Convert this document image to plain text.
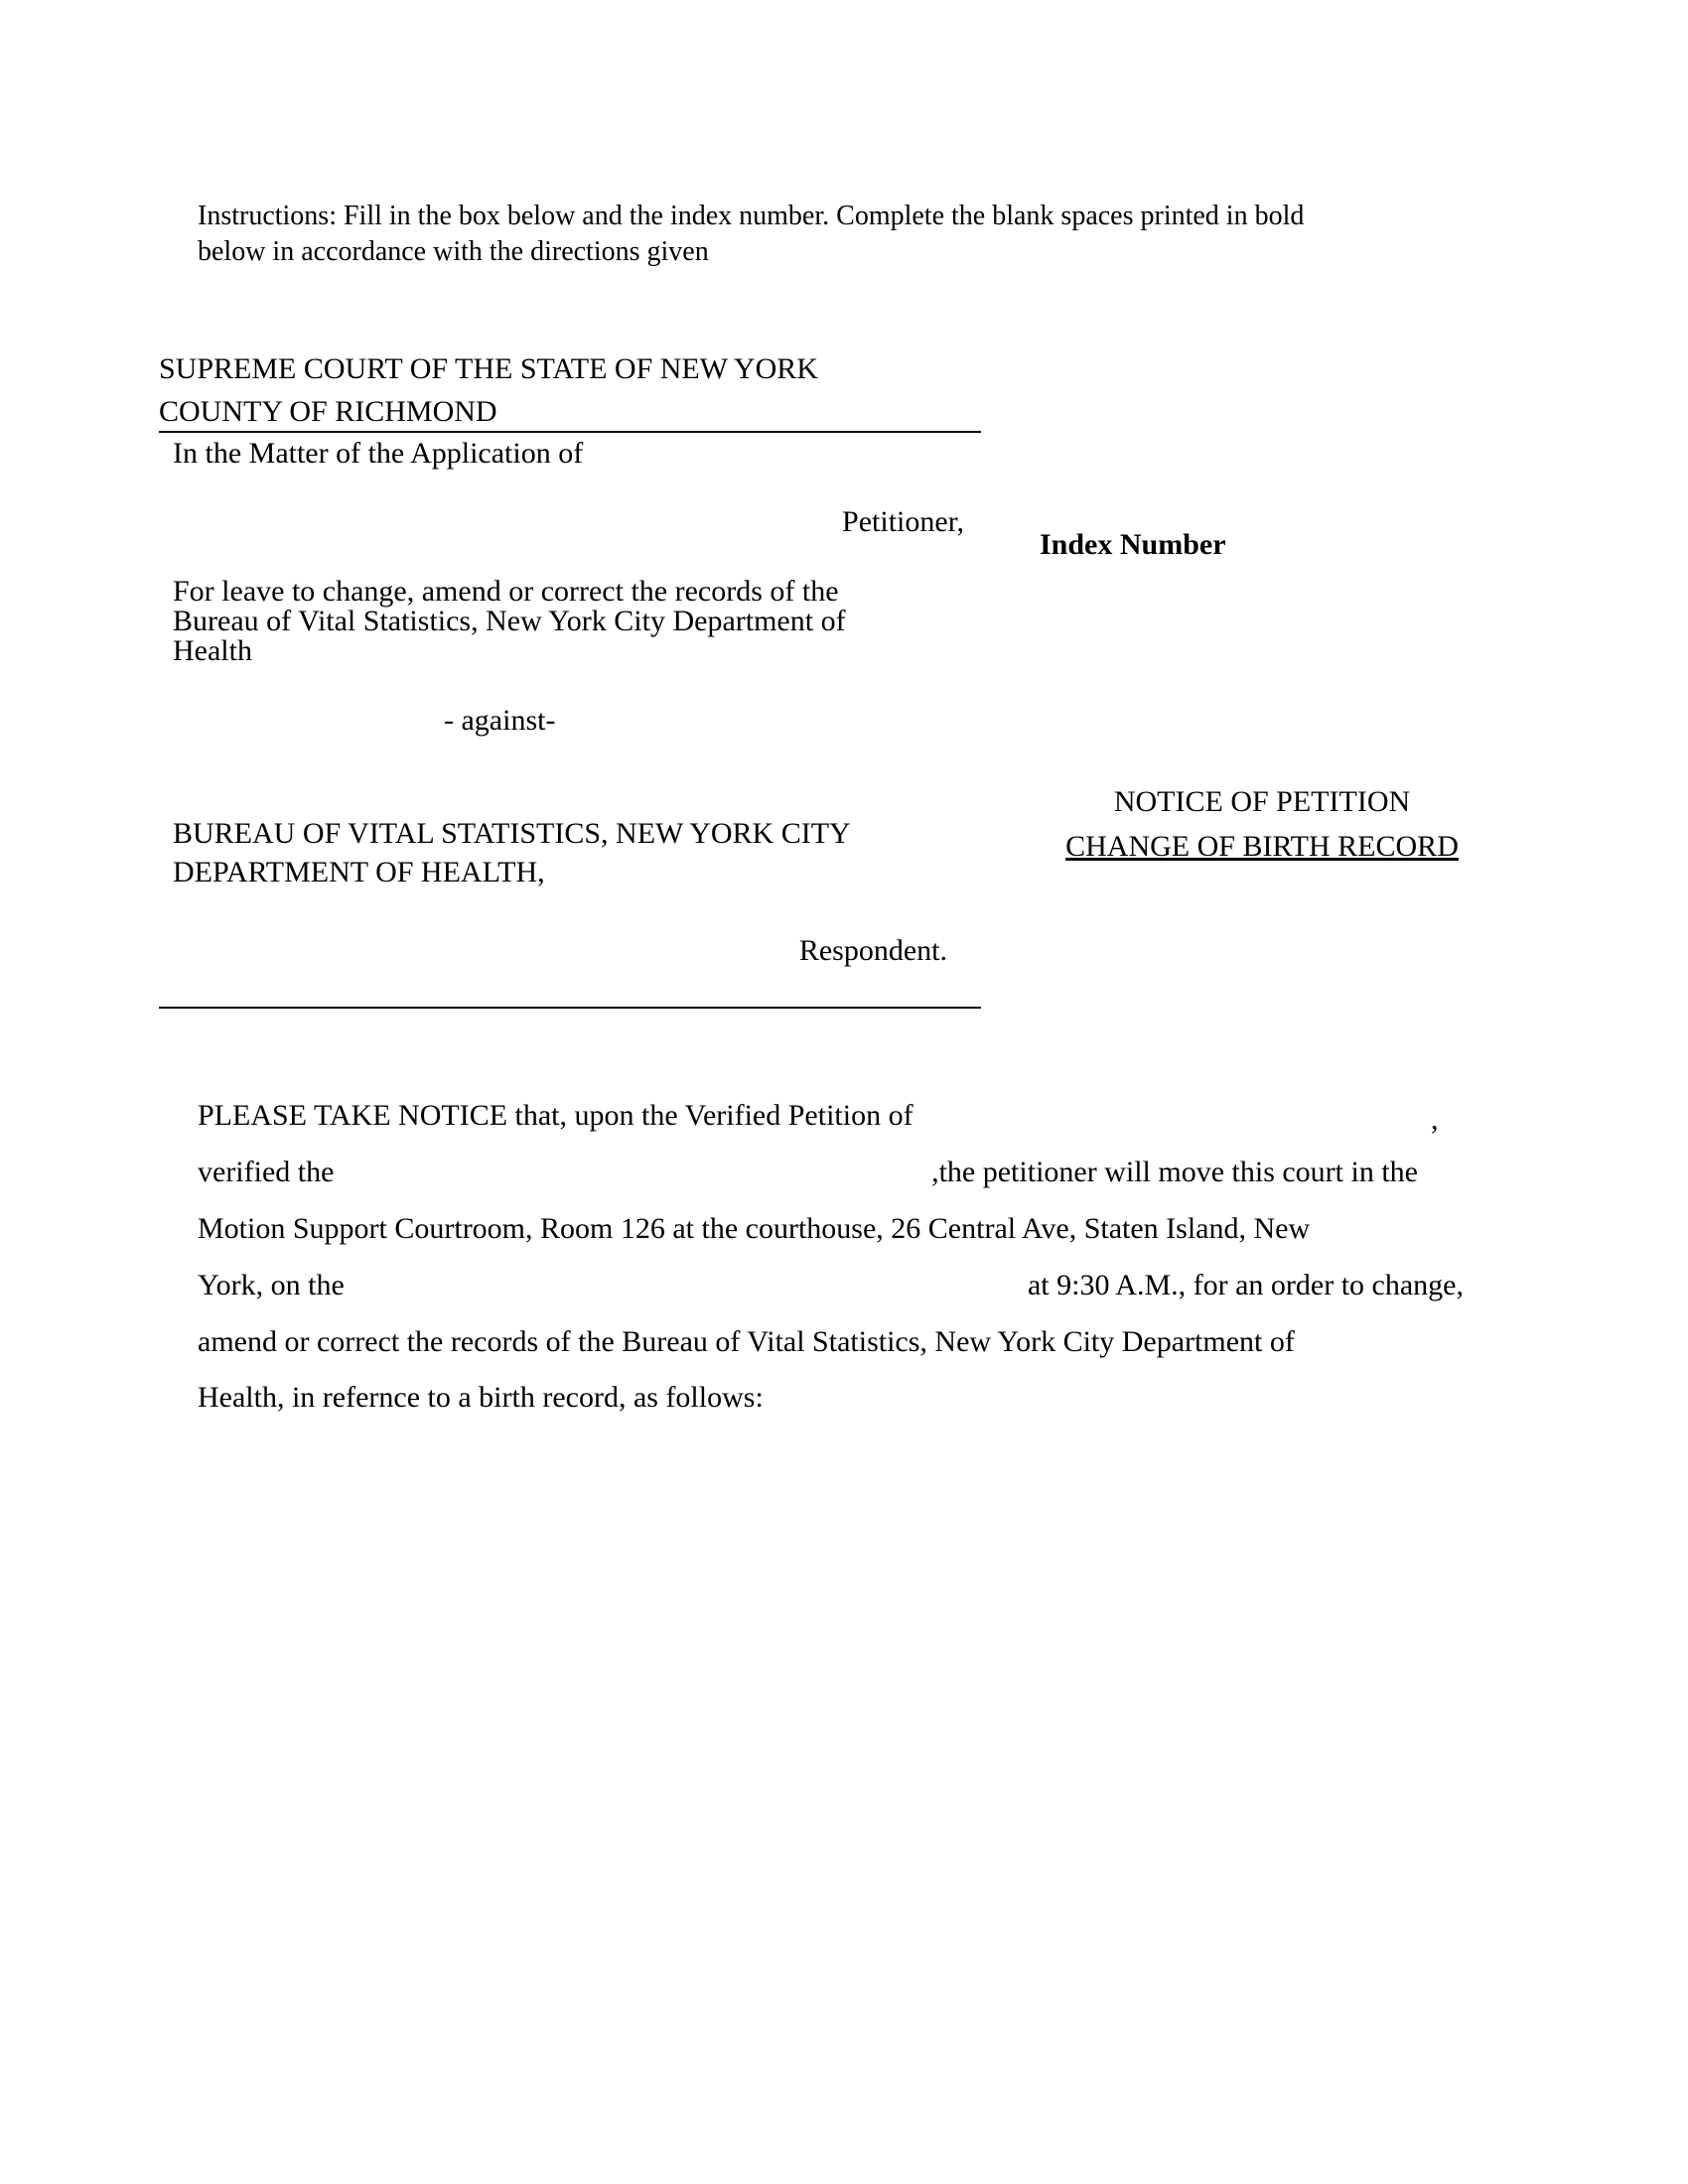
Instructions: Fill in the box below and the index number. Complete the blank spaces printed in bold
below in accordance with the directions given
SUPREME COURT OF THE STATE OF NEW YORK
COUNTY OF RICHMOND
In the Matter of the Application of
Petitioner,
For leave to change, amend or correct the records of the
Bureau of Vital Statistics, New York City Department of
Health
- against-
BUREAU OF VITAL STATISTICS, NEW YORK CITY
DEPARTMENT OF HEALTH,
Respondent.
Index Number
NOTICE OF PETITION
CHANGE OF BIRTH RECORD
PLEASE TAKE NOTICE that, upon the Verified Petition of	,
verified the	,the petitioner will move this court in the
Motion Support Courtroom, Room 126 at the courthouse, 26 Central Ave, Staten Island, New
York, on the	at 9:30 A.M., for an order to change,
amend or correct the records of the Bureau of Vital Statistics, New York City Department of
Health, in refernce to a birth record, as follows:
